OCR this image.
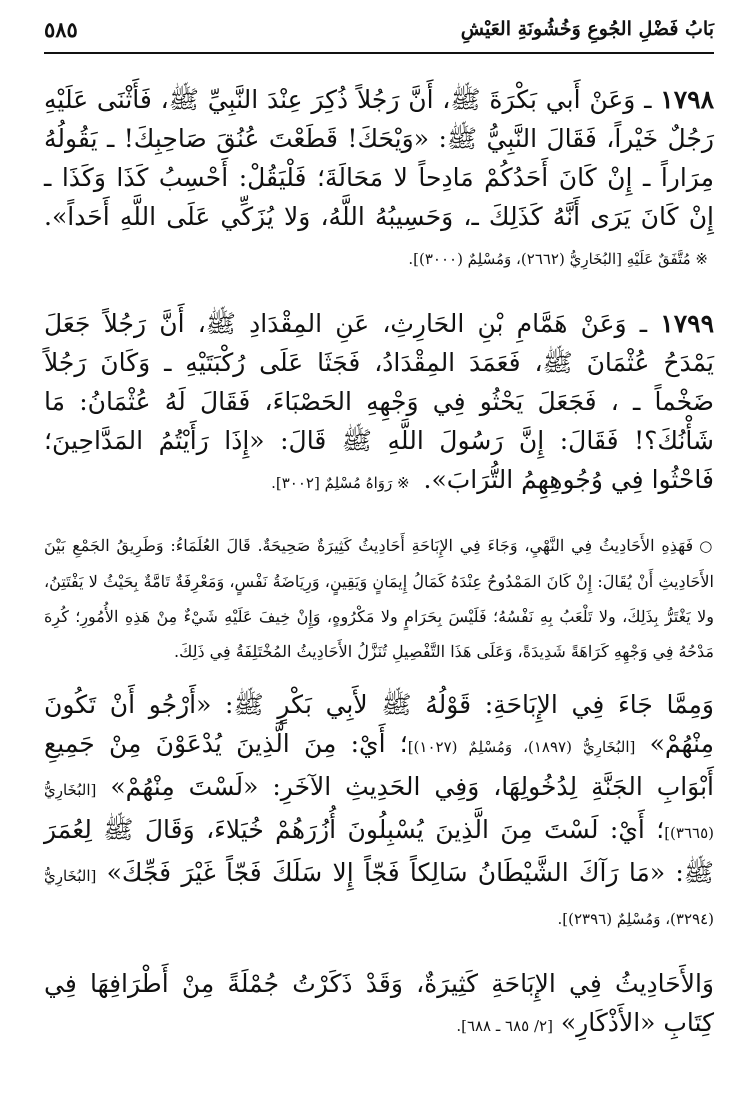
بَابُ فَضْلِ الجُوعِ وَخُشُونَةِ العَيْشِ
٥٨٥

١٧٩٨ ـ وَعَنْ أَبي بَكْرَةَ ﷺ، أَنَّ رَجُلاً ذُكِرَ عِنْدَ النَّبِيِّ ﷺ، فَأَثْنَى عَلَيْهِ رَجُلٌ خَيْراً، فَقَالَ النَّبِيُّ ﷺ: «وَيْحَكَ! قَطَعْتَ عُنُقَ صَاحِبِكَ! ـ يَقُولُهُ مِرَاراً ـ إِنْ كَانَ أَحَدُكُمْ مَادِحاً لا مَحَالَةَ؛ فَلْيَقُلْ: أَحْسِبُ كَذَا وَكَذَا ـ إِنْ كَانَ يَرَى أَنَّهُ كَذَلِكَ ـ، وَحَسِيبُهُ اللَّهُ، وَلا يُزَكِّي عَلَى اللَّهِ أَحَداً». ※ مُتَّفَقٌ عَلَيْهِ [البُخَارِيُّ (٢٦٦٢)، وَمُسْلِمٌ (٣٠٠٠)].

١٧٩٩ ـ وَعَنْ هَمَّامِ بْنِ الحَارِثِ، عَنِ المِقْدَادِ ﷺ، أَنَّ رَجُلاً جَعَلَ يَمْدَحُ عُثْمَانَ ﷺ، فَعَمَدَ المِقْدَادُ، فَجَثَا عَلَى رُكْبَتَيْهِ ـ وَكَانَ رَجُلاً ضَخْماً ـ ، فَجَعَلَ يَحْثُو فِي وَجْهِهِ الحَصْبَاءَ، فَقَالَ لَهُ عُثْمَانُ: مَا شَأْنُكَ؟! فَقَالَ: إِنَّ رَسُولَ اللَّهِ ﷺ قَالَ: «إِذَا رَأَيْتُمُ المَدَّاحِينَ؛ فَاحْثُوا فِي وُجُوهِهِمُ التُّرَابَ». ※ رَوَاهُ مُسْلِمٌ [٣٠٠٢].

○فَهَذِهِ الأَحَادِيثُ فِي النَّهْيِ، وَجَاءَ فِي الإِبَاحَةِ أَحَادِيثُ كَثِيرَةٌ صَحِيحَةٌ. قَالَ العُلَمَاءُ: وَطَرِيقُ الجَمْعِ بَيْنَ الأَحَادِيثِ أَنْ يُقَالَ: إِنْ كَانَ المَمْدُوحُ عِنْدَهُ كَمَالُ إِيمَانٍ وَيَقِينٍ، وَرِيَاضَةُ نَفْسٍ، وَمَعْرِفَةٌ تَامَّةٌ بِحَيْثُ لا يَفْتَتِنُ، ولا يَغْتَرُّ بِذَلِكَ، ولا تَلْعَبُ بِهِ نَفْسُهُ؛ فَلَيْسَ بِحَرَامٍ ولا مَكْرُوهٍ، وَإِنْ خِيفَ عَلَيْهِ شَيْءٌ مِنْ هَذِهِ الأُمُورِ؛ كُرِهَ مَدْحُهُ فِي وَجْهِهِ كَرَاهَةً شَدِيدَةً، وَعَلَى هَذَا التَّفْصِيلِ تُنَزَّلُ الأَحَادِيثُ المُخْتَلِفَةُ فِي ذَلِكَ.

وَمِمَّا جَاءَ فِي الإِبَاحَةِ: قَوْلُهُ ﷺ لأَبِي بَكْرٍ ﷺ: «أَرْجُو أَنْ تَكُونَ مِنْهُمْ» [البُخَارِيُّ (١٨٩٧)، وَمُسْلِمٌ (١٠٢٧)]؛ أَيْ: مِنَ الَّذِينَ يُدْعَوْنَ مِنْ جَمِيعِ أَبْوَابِ الجَنَّةِ لِدُخُولِهَا، وَفِي الحَدِيثِ الآخَرِ: «لَسْتَ مِنْهُمْ» [البُخَارِيُّ (٣٦٦٥)]؛ أَيْ: لَسْتَ مِنَ الَّذِينَ يُسْبِلُونَ أُزُرَهُمْ خُيَلاءَ، وَقَالَ ﷺ لِعُمَرَ ﷺ: «مَا رَآكَ الشَّيْطَانُ سَالِكاً فَجّاً إِلا سَلَكَ فَجّاً غَيْرَ فَجِّكَ» [البُخَارِيُّ (٣٢٩٤)، وَمُسْلِمٌ (٢٣٩٦)].

وَالأَحَادِيثُ فِي الإِبَاحَةِ كَثِيرَةٌ، وَقَدْ ذَكَرْتُ جُمْلَةً مِنْ أَطْرَافِهَا فِي كِتَابِ «الأَذْكَارِ» [٢/ ٦٨٥ ـ ٦٨٨].
